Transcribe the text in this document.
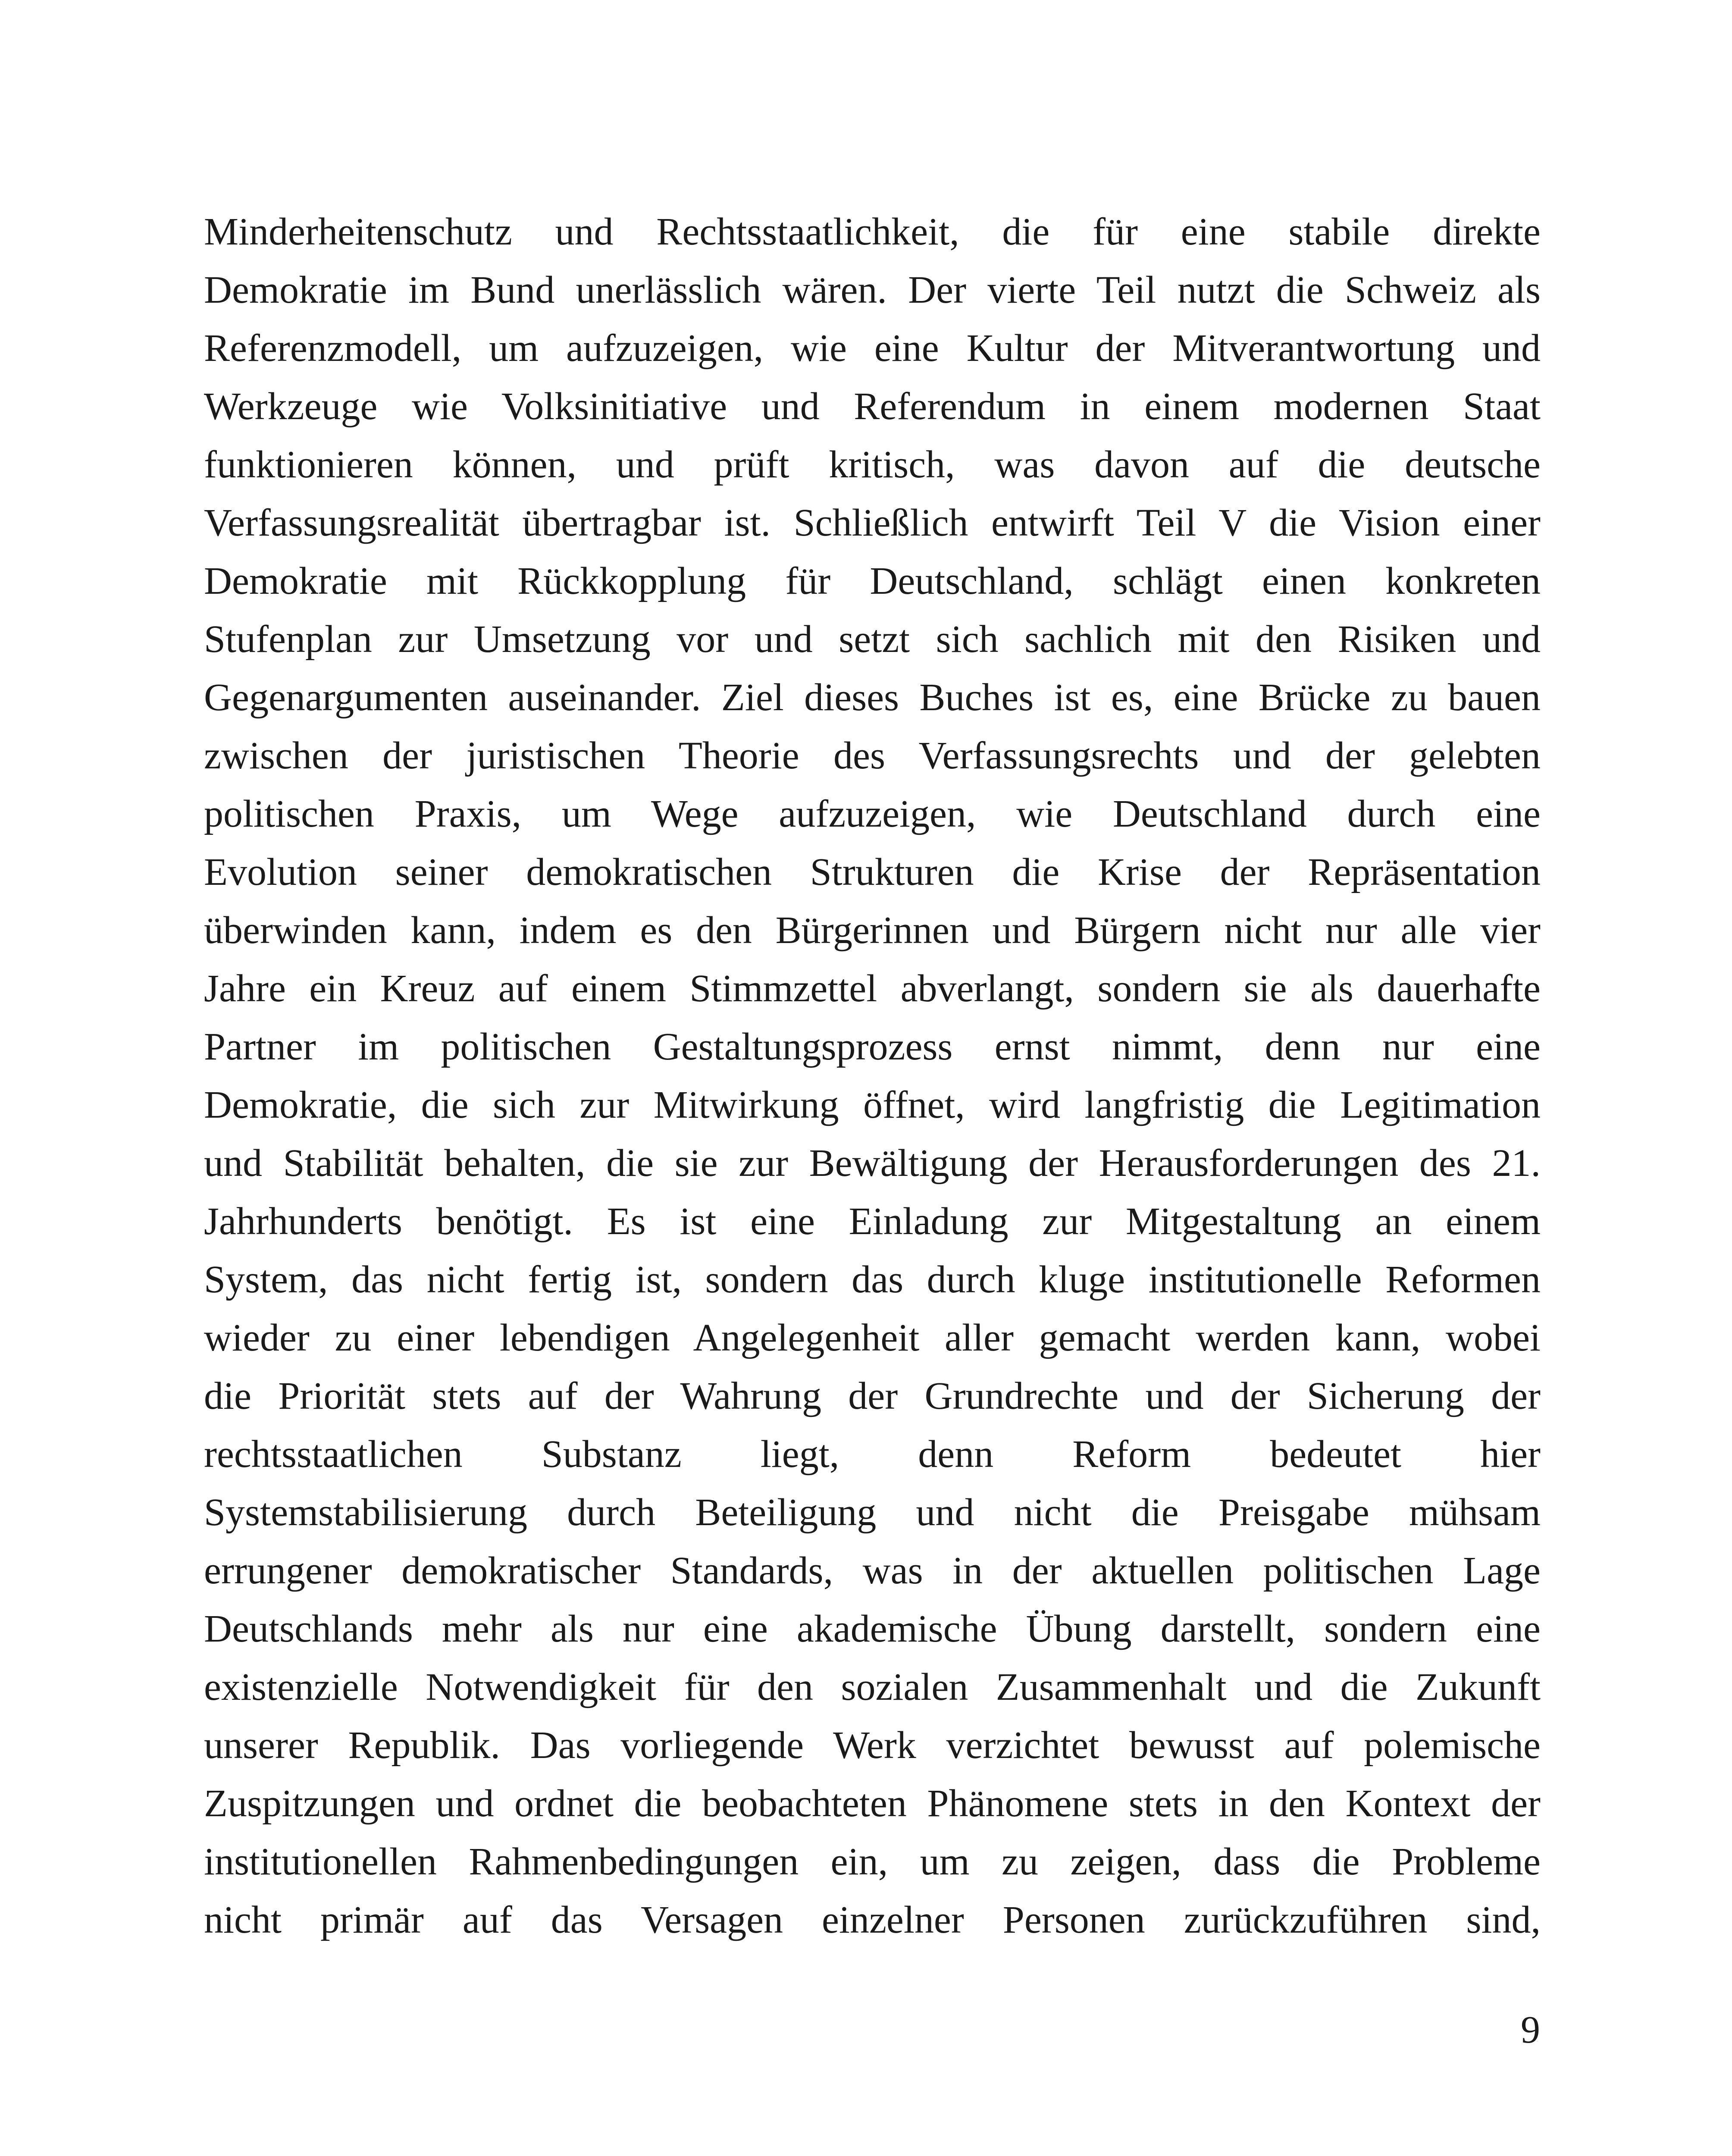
Minderheitenschutz und Rechtsstaatlichkeit, die für eine stabile direkte
Demokratie im Bund unerlässlich wären. Der vierte Teil nutzt die Schweiz als
Referenzmodell, um aufzuzeigen, wie eine Kultur der Mitverantwortung und
Werkzeuge wie Volksinitiative und Referendum in einem modernen Staat
funktionieren können, und prüft kritisch, was davon auf die deutsche
Verfassungsrealität übertragbar ist. Schließlich entwirft Teil V die Vision einer
Demokratie mit Rückkopplung für Deutschland, schlägt einen konkreten
Stufenplan zur Umsetzung vor und setzt sich sachlich mit den Risiken und
Gegenargumenten auseinander. Ziel dieses Buches ist es, eine Brücke zu bauen
zwischen der juristischen Theorie des Verfassungsrechts und der gelebten
politischen Praxis, um Wege aufzuzeigen, wie Deutschland durch eine
Evolution seiner demokratischen Strukturen die Krise der Repräsentation
überwinden kann, indem es den Bürgerinnen und Bürgern nicht nur alle vier
Jahre ein Kreuz auf einem Stimmzettel abverlangt, sondern sie als dauerhafte
Partner im politischen Gestaltungsprozess ernst nimmt, denn nur eine
Demokratie, die sich zur Mitwirkung öffnet, wird langfristig die Legitimation
und Stabilität behalten, die sie zur Bewältigung der Herausforderungen des 21.
Jahrhunderts benötigt. Es ist eine Einladung zur Mitgestaltung an einem
System, das nicht fertig ist, sondern das durch kluge institutionelle Reformen
wieder zu einer lebendigen Angelegenheit aller gemacht werden kann, wobei
die Priorität stets auf der Wahrung der Grundrechte und der Sicherung der
rechtsstaatlichen Substanz liegt, denn Reform bedeutet hier
Systemstabilisierung durch Beteiligung und nicht die Preisgabe mühsam
errungener demokratischer Standards, was in der aktuellen politischen Lage
Deutschlands mehr als nur eine akademische Übung darstellt, sondern eine
existenzielle Notwendigkeit für den sozialen Zusammenhalt und die Zukunft
unserer Republik. Das vorliegende Werk verzichtet bewusst auf polemische
Zuspitzungen und ordnet die beobachteten Phänomene stets in den Kontext der
institutionellen Rahmenbedingungen ein, um zu zeigen, dass die Probleme
nicht primär auf das Versagen einzelner Personen zurückzuführen sind,
9
